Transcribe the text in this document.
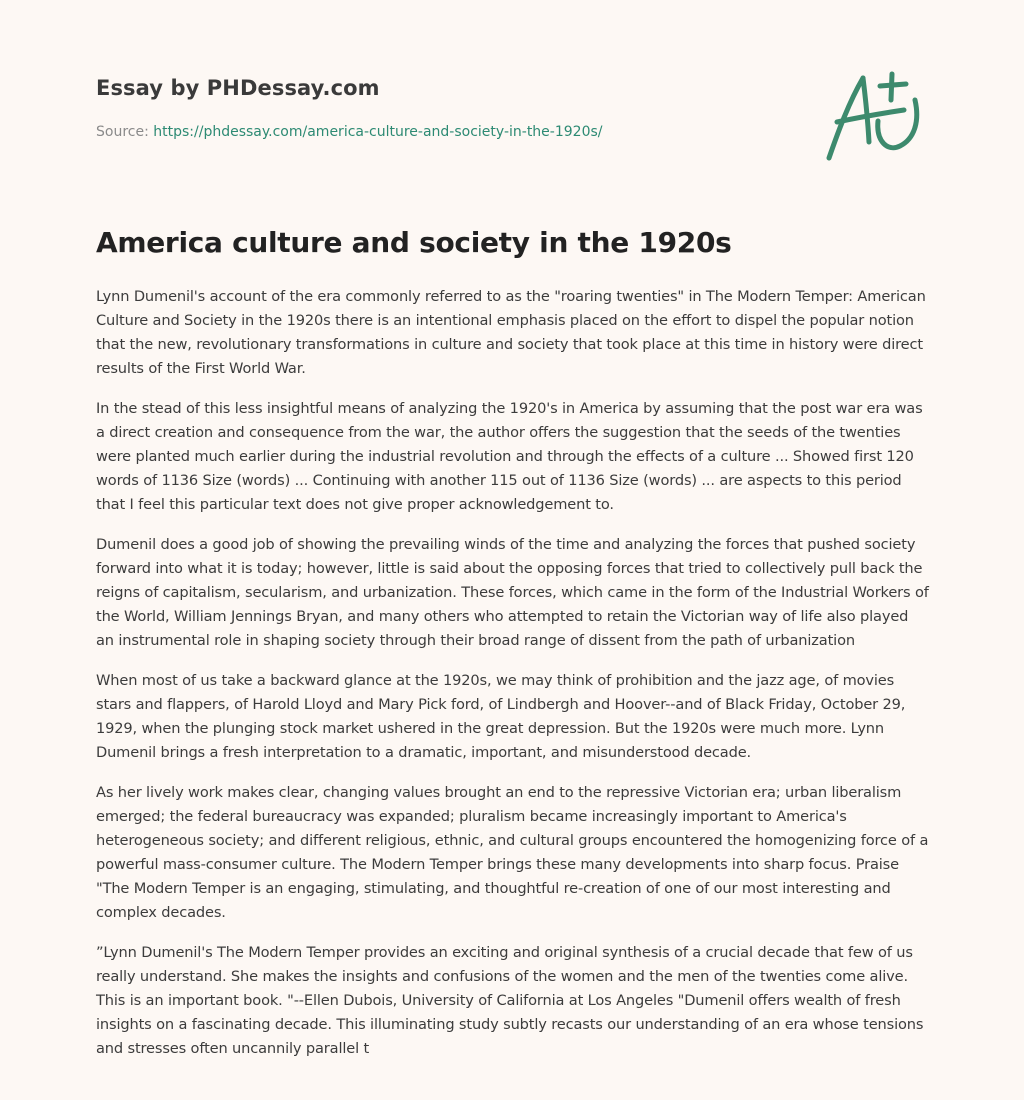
Essay by PHDessay.com
Source: https://phdessay.com/america-culture-and-society-in-the-1920s/
America culture and society in the 1920s

Lynn Dumenil's account of the era commonly referred to as the "roaring twenties" in The Modern Temper: American Culture and Society in the 1920s there is an intentional emphasis placed on the effort to dispel the popular notion that the new, revolutionary transformations in culture and society that took place at this time in history were direct results of the First World War.

In the stead of this less insightful means of analyzing the 1920's in America by assuming that the post war era was a direct creation and consequence from the war, the author offers the suggestion that the seeds of the twenties were planted much earlier during the industrial revolution and through the effects of a culture ... Showed first 120 words of 1136 Size (words) ... Continuing with another 115 out of 1136 Size (words) ... are aspects to this period that I feel this particular text does not give proper acknowledgement to.

Dumenil does a good job of showing the prevailing winds of the time and analyzing the forces that pushed society forward into what it is today; however, little is said about the opposing forces that tried to collectively pull back the reigns of capitalism, secularism, and urbanization. These forces, which came in the form of the Industrial Workers of the World, William Jennings Bryan, and many others who attempted to retain the Victorian way of life also played an instrumental role in shaping society through their broad range of dissent from the path of urbanization

When most of us take a backward glance at the 1920s, we may think of prohibition and the jazz age, of movies stars and flappers, of Harold Lloyd and Mary Pick ford, of Lindbergh and Hoover--and of Black Friday, October 29, 1929, when the plunging stock market ushered in the great depression. But the 1920s were much more. Lynn Dumenil brings a fresh interpretation to a dramatic, important, and misunderstood decade.

As her lively work makes clear, changing values brought an end to the repressive Victorian era; urban liberalism emerged; the federal bureaucracy was expanded; pluralism became increasingly important to America's heterogeneous society; and different religious, ethnic, and cultural groups encountered the homogenizing force of a powerful mass-consumer culture. The Modern Temper brings these many developments into sharp focus. Praise "The Modern Temper is an engaging, stimulating, and thoughtful re-creation of one of our most interesting and complex decades.

”Lynn Dumenil's The Modern Temper provides an exciting and original synthesis of a crucial decade that few of us really understand. She makes the insights and confusions of the women and the men of the twenties come alive. This is an important book. "--Ellen Dubois, University of California at Los Angeles "Dumenil offers wealth of fresh insights on a fascinating decade. This illuminating study subtly recasts our understanding of an era whose tensions and stresses often uncannily parallel t
